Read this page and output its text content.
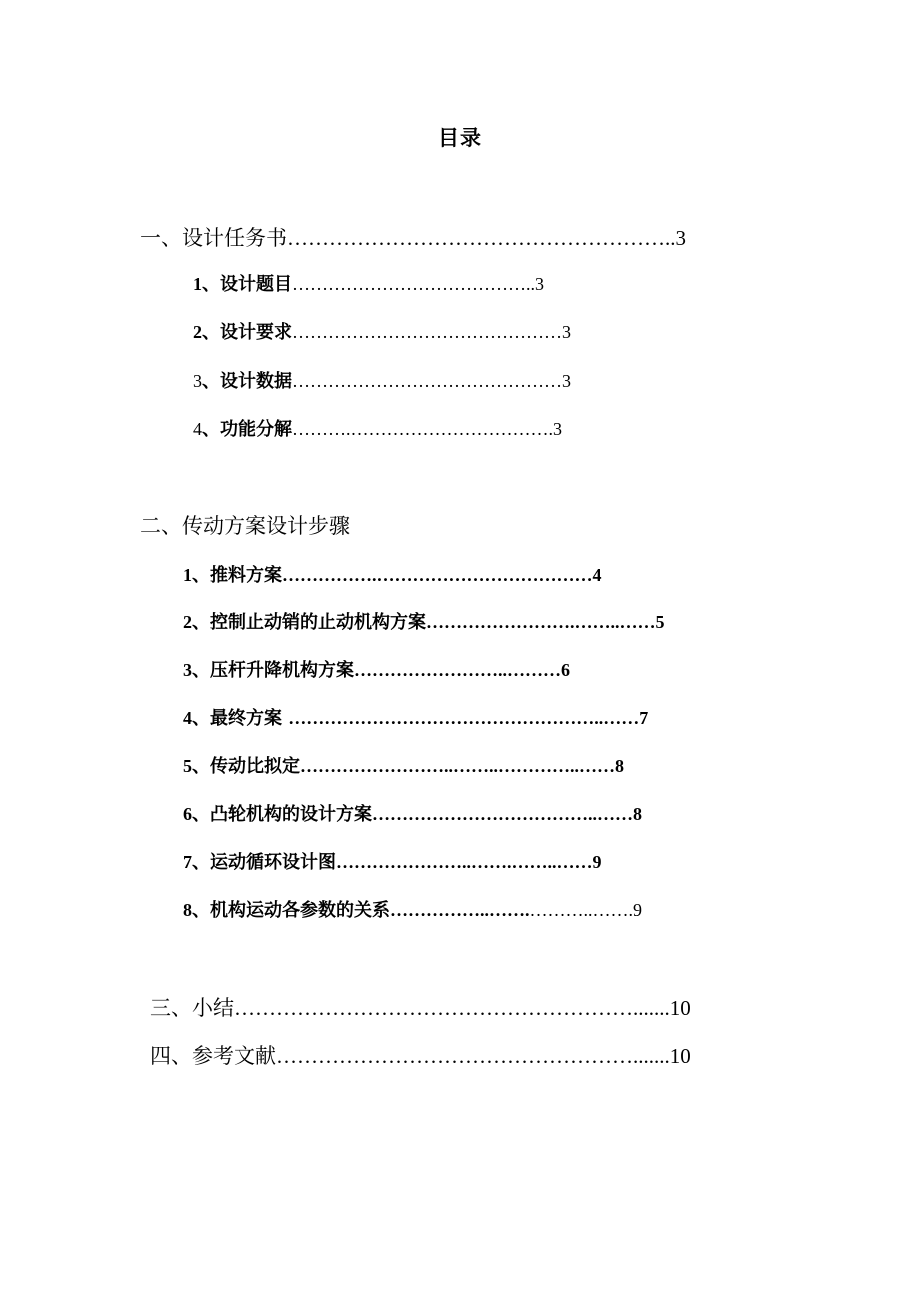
目录
一、 设计任务书 ……………………………………………….. 3
1 、设计题目 ………………………………….. 3
2 、设计要求 ……………………………………… 3
3 、设计数据 ……………………………………… 3
4 、功能分解 ……….……………………………. 3
二、 传动方案设计步骤
1 、推料方案 …………….……………………………… 4
2 、控制止动销的止动机构方案 …………………….……..…… 5
3 、压杆升降机构方案 ……………………..……… 6
4 、最终方案 ……………………………………………..…… 7
5 、传动比拟定 ……………………..……..…………..…… 8
6 、凸轮机构的设计方案 ………………………………..…… 8
7 、运动循环设计图 …………………..…….……..…… 9
8 、机构运动各参数的关系 ……………..……. ………..……. 9
三、 小结 …………………………………………………....... 10
四、 参考文献 ……………………………………………....... 10
